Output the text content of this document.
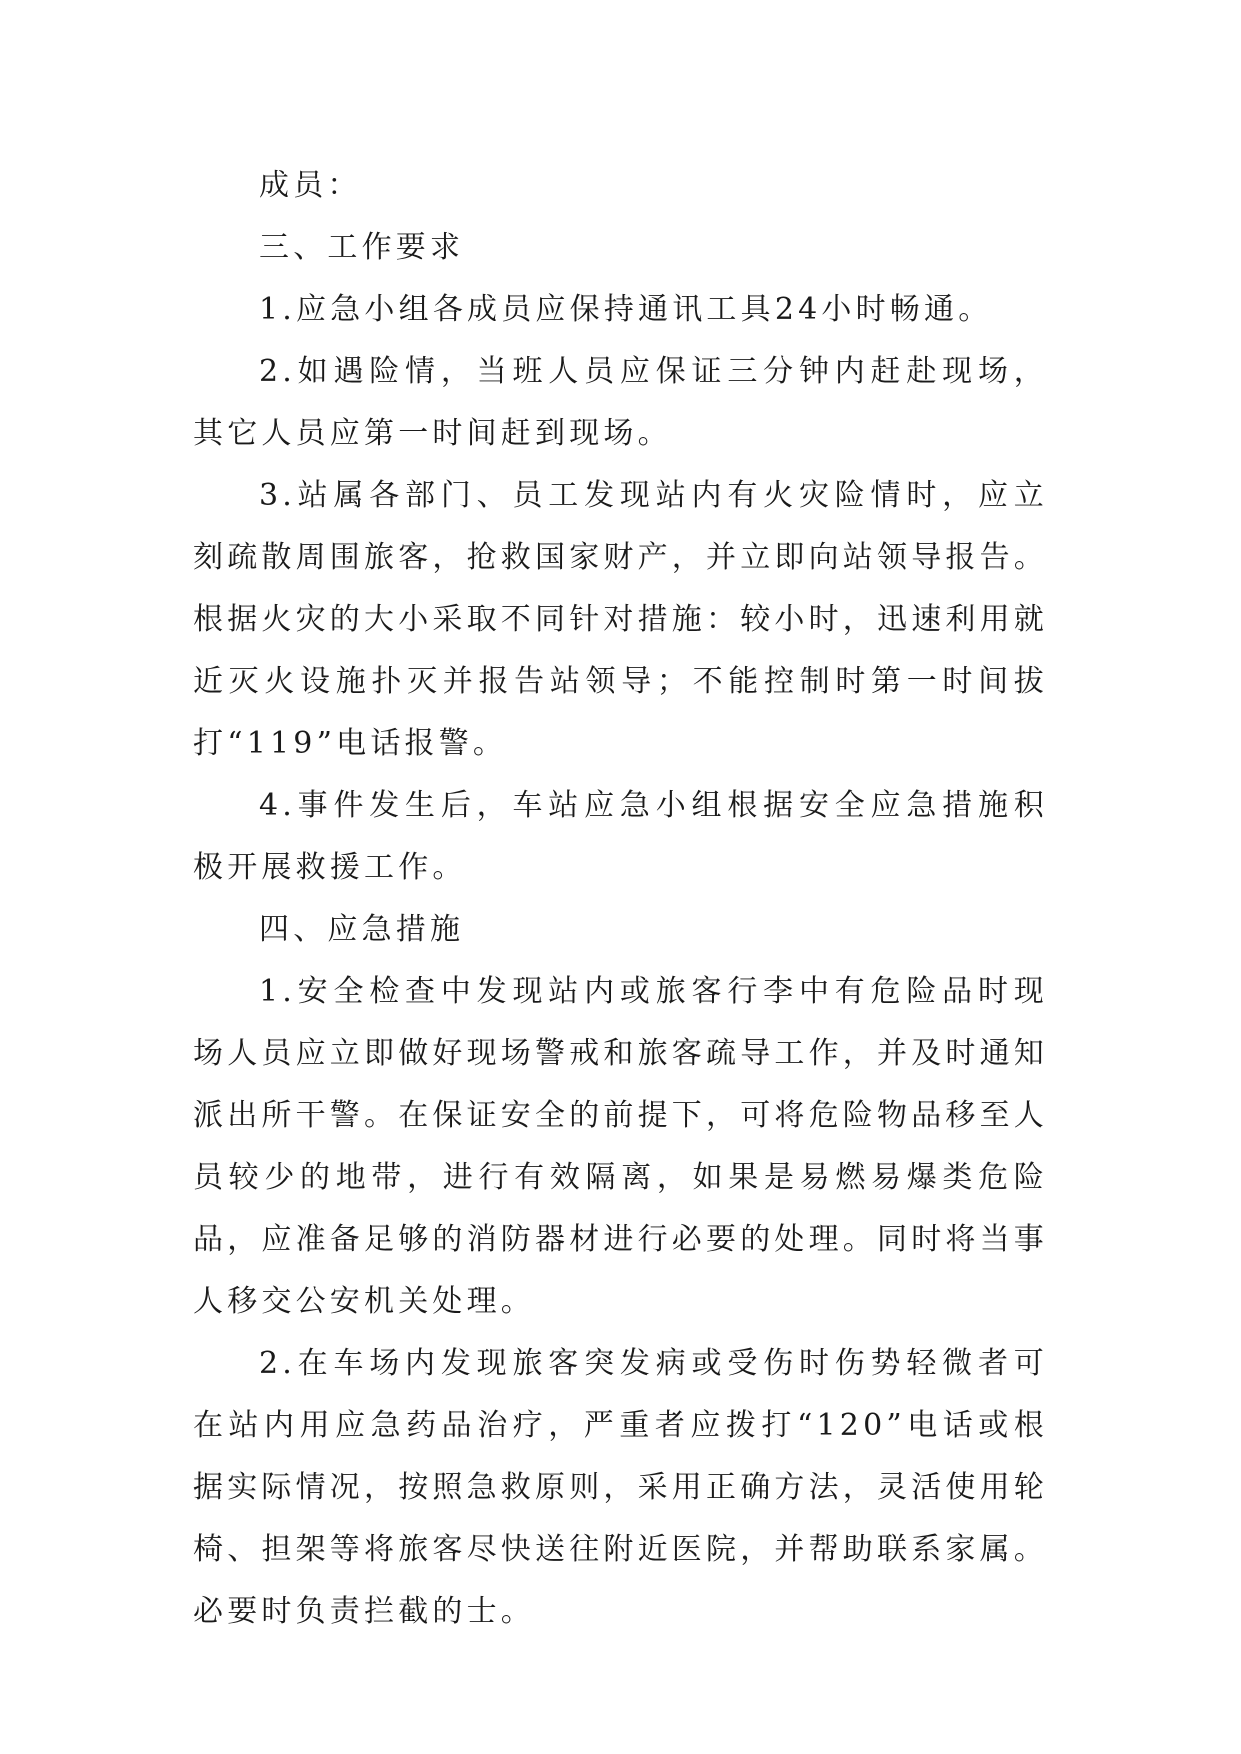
成员：

三、工作要求

1.应急小组各成员应保持通讯工具24小时畅通。

2.如遇险情，当班人员应保证三分钟内赶赴现场，其它人员应第一时间赶到现场。

3.站属各部门、员工发现站内有火灾险情时，应立刻疏散周围旅客，抢救国家财产，并立即向站领导报告。根据火灾的大小采取不同针对措施：较小时，迅速利用就近灭火设施扑灭并报告站领导；不能控制时第一时间拔打“119”电话报警。

4.事件发生后，车站应急小组根据安全应急措施积极开展救援工作。

四、应急措施

1.安全检查中发现站内或旅客行李中有危险品时现场人员应立即做好现场警戒和旅客疏导工作，并及时通知派出所干警。在保证安全的前提下，可将危险物品移至人员较少的地带，进行有效隔离，如果是易燃易爆类危险品，应准备足够的消防器材进行必要的处理。同时将当事人移交公安机关处理。

2.在车场内发现旅客突发病或受伤时伤势轻微者可在站内用应急药品治疗，严重者应拨打“120”电话或根据实际情况，按照急救原则，采用正确方法，灵活使用轮椅、担架等将旅客尽快送往附近医院，并帮助联系家属。必要时负责拦截的士。
